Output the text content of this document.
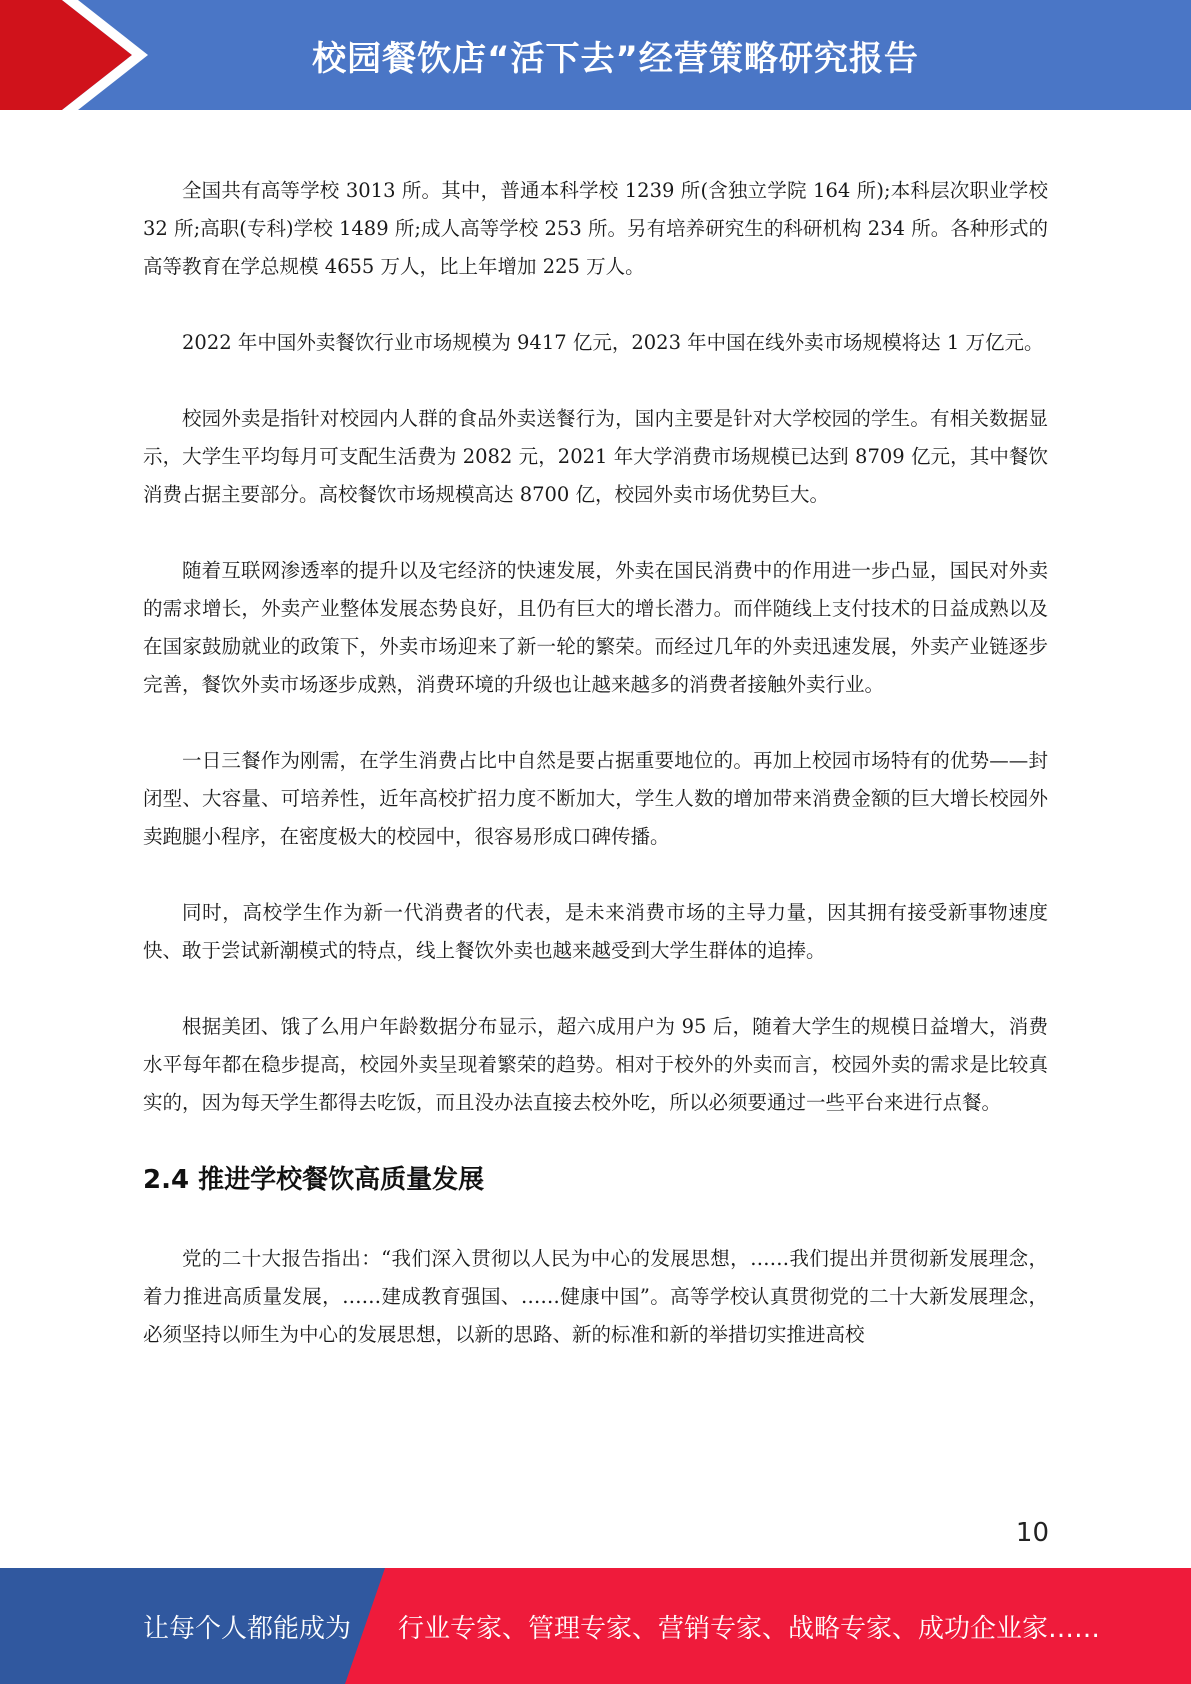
校园餐饮店“活下去”经营策略研究报告

全国共有高等学校 3013 所。其中，普通本科学校 1239 所(含独立学院 164 所);本科层次职业学校 32 所;高职(专科)学校 1489 所;成人高等学校 253 所。另有培养研究生的科研机构 234 所。各种形式的高等教育在学总规模 4655 万人，比上年增加 225 万人。

2022 年中国外卖餐饮行业市场规模为 9417 亿元，2023 年中国在线外卖市场规模将达 1 万亿元。

校园外卖是指针对校园内人群的食品外卖送餐行为，国内主要是针对大学校园的学生。有相关数据显示，大学生平均每月可支配生活费为 2082 元，2021 年大学消费市场规模已达到 8709 亿元，其中餐饮消费占据主要部分。高校餐饮市场规模高达 8700 亿，校园外卖市场优势巨大。

随着互联网渗透率的提升以及宅经济的快速发展，外卖在国民消费中的作用进一步凸显，国民对外卖的需求增长，外卖产业整体发展态势良好，且仍有巨大的增长潜力。而伴随线上支付技术的日益成熟以及在国家鼓励就业的政策下，外卖市场迎来了新一轮的繁荣。而经过几年的外卖迅速发展，外卖产业链逐步完善，餐饮外卖市场逐步成熟，消费环境的升级也让越来越多的消费者接触外卖行业。

一日三餐作为刚需，在学生消费占比中自然是要占据重要地位的。再加上校园市场特有的优势——封闭型、大容量、可培养性，近年高校扩招力度不断加大，学生人数的增加带来消费金额的巨大增长校园外卖跑腿小程序，在密度极大的校园中，很容易形成口碑传播。

同时，高校学生作为新一代消费者的代表，是未来消费市场的主导力量，因其拥有接受新事物速度快、敢于尝试新潮模式的特点，线上餐饮外卖也越来越受到大学生群体的追捧。

根据美团、饿了么用户年龄数据分布显示，超六成用户为 95 后，随着大学生的规模日益增大，消费水平每年都在稳步提高，校园外卖呈现着繁荣的趋势。相对于校外的外卖而言，校园外卖的需求是比较真实的，因为每天学生都得去吃饭，而且没办法直接去校外吃，所以必须要通过一些平台来进行点餐。

2.4 推进学校餐饮高质量发展

党的二十大报告指出：“我们深入贯彻以人民为中心的发展思想，……我们提出并贯彻新发展理念，着力推进高质量发展，……建成教育强国、……健康中国”。高等学校认真贯彻党的二十大新发展理念，必须坚持以师生为中心的发展思想，以新的思路、新的标准和新的举措切实推进高校

10
让每个人都能成为 行业专家、管理专家、营销专家、战略专家、成功企业家……
